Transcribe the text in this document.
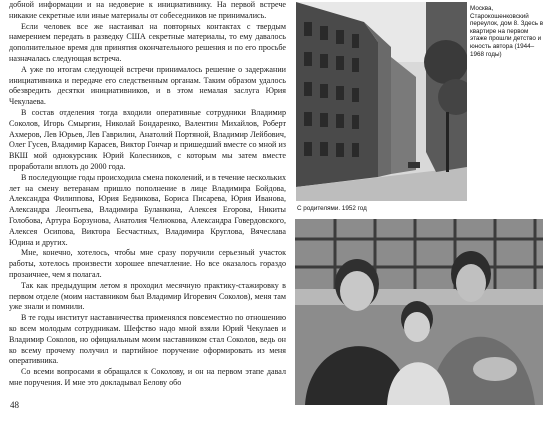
добной информации и на недоверие к инициативнику. На первой встрече никакие секретные или иные материалы от собеседников не принимались.

Если человек все же настаивал на повторных контактах с твердым намерением передать в разведку США секретные материалы, то ему давалось дополнительное время для принятия окончательного решения и по его просьбе назначалась следующая встреча.

А уже по итогам следующей встречи принималось решение о задержании инициативника и передаче его следственным органам. Таким образом удалось обезвредить десятки инициативников, и в этом немалая заслуга Юрия Чекулаева.

В состав отделения тогда входили оперативные сотрудники Владимир Соколов, Игорь Смыргин, Николай Бондаренко, Валентин Михайлов, Роберт Ахмеров, Лев Юрьев, Лев Гаврилин, Анатолий Портяной, Владимир Лейбович, Олег Гусев, Владимир Карасев, Виктор Гончар и пришедший вместе со мной из ВКШ мой однокурсник Юрий Колесников, с которым мы затем вместе проработали вплоть до 2000 года.

В последующие годы происходила смена поколений, и в течение нескольких лет на смену ветеранам пришло пополнение в лице Владимира Бойдова, Александра Филиппова, Юрия Бедникова, Бориса Писарева, Юрия Иванова, Александра Леонтьева, Владимира Буланкина, Алексея Егорова, Никиты Голобова, Артура Борзунова, Анатолия Челнокова, Александра Говердовского, Алексея Осипова, Виктора Бесчастных, Владимира Круглова, Вячеслава Юдина и других.

Мне, конечно, хотелось, чтобы мне сразу поручили серьезный участок работы, хотелось произвести хорошее впечатление. Но все оказалось гораздо прозаичнее, чем я полагал.

Так как предыдущим летом я проходил месячную практику-стажировку в первом отделе (моим наставником был Владимир Игоревич Соколов), меня там уже знали и помнили.

В те годы институт наставничества применялся повсеместно по отношению ко всем молодым сотрудникам. Шефство надо мной взяли Юрий Чекулаев и Владимир Соколов, но официальным моим наставником стал Соколов, ведь он ко всему прочему получил и партийное поручение оформировать из меня оперативника.

Со всеми вопросами я обращался к Соколову, и он на первом этапе давал мне поручения. И мне это докладывал Белову обо

48
Москва, Старокошенковский переулок, дом 8. Здесь в квартире на первом этаже прошли детство и юность автора (1944–1968 годы)
С родителями. 1952 год
